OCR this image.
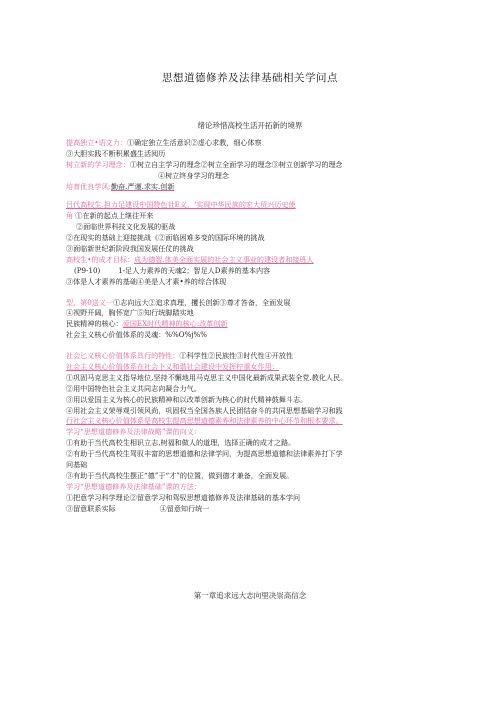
思想道德修养及法律基础相关学问点
绪论珍惜高校生活开拓新的境界
提高独立•语文力：①确定独立生活意识②虚心求教，细心体察
③大胆实践不断积累盛生活阅历
树立新的学习理念：①树立自主学习的理念②树立全面学习的理念③树立创新学习的理念
④树立终身学习的理念
培育优良学风:勤奋.严谨.求实.创新
吕代高校生.担力足建设中国特色社E义，‘实现中华民族的宏大贸兴历史使
角 ①在新的起点上继往开来
②面临世界科技文化发展的驱战
②在现实的基础上迎接挑战《②面临困难多变的国际环境的挑战
③面临新世纪新阶段我国发展任仗的挑战
高校生•的成才目标：成为德智.体美全面实展的社会主义事业的建设者和接班人
(P9-10)	1-足人力素养的天魂2；智足人D素养的基本内容
③体是人才素养的基础④美是人才素•养的综合体现
型，第0送义一①志向远大②追求真理，攫长创新③尊才答备，全面发展
④视野开阔，胸怀宽广⑤知行统脚踏实地
民族精神的核心：爱国EX时代精神的核心:改革创新
社会主义核心价值体系的灵魂：%%O%j%%
社会匕义核心价值体系具行的特性：①科学性②民族性③时代性④开放性
社会主义核心价值体系在社会卜义和谐社会建设中发挥柠重女作用：
①巩固马克思主义指导地位,坚持不懈地用马克思主义中国化最新成果武装全党.教化人民。
②用中国特色社会主义共同志向凝合力气。
③用以爱国主义为核心的民族精神和以改革创新为核心的时代精神鼓舞斗志。
④用社会主义荣辱观引领风尚，巩固权当全国各族人民团结奋斗的共同思想基础学习和践
行社会主义核心价值体系是高校生提高思想道德素养和法律素养的中心环节和根本要求。
学习“思想道德修养及法律战略”课的向义：
①有助于当代高校生相识立志,树福和做人的道理，选择正确的成才之路。
②有助于当代高校生驾驭丰富的思想道德和法律学问，为提高思想道德和法律素养打下学
问基础
③有助于当代高校生摆正“德”于“才”的位置，做到德才兼备，全面发展。
学习“思想道德修养及法律基础”课的方法：
①把意学习科学理论②留意学习和驾驭思想道德修养及法律基础的基本学问
③留意联系实际	④留意知行统一
第一章追求远大志向里决崇高信念
